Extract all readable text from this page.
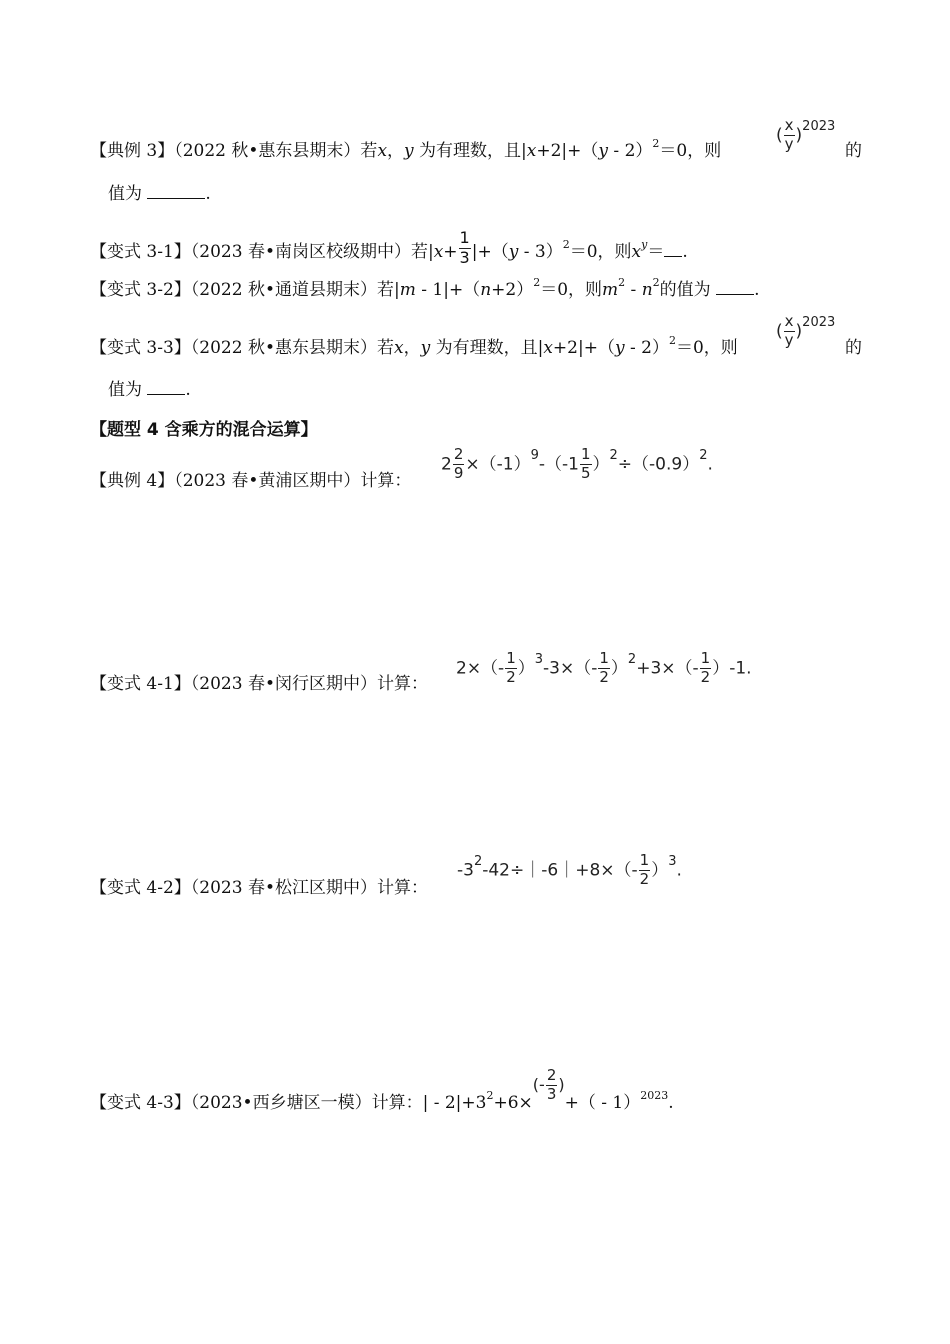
【典例 3】（2022 秋•惠东县期末）若x，y 为有理数，且|x+2|+（y - 2）$^2$＝0，则
( $\frac{x}{y} )^{2023}$
的
值为	.
【变式 3-1】（2023 春•南岗区校级期中）若$|x+ \frac{1}{3} |+(y - 3)^2=0$，则$x^y=$ .
【变式 3-2】（2022 秋•通道县期末）若$|m - 1|+(n+2)^2=0$，则$m^2 - n^2$的值为	.
【变式 3-3】（2022 秋•惠东县期末）若x，y 为有理数，且|x+2|+（y - 2）$^2$＝0，则
( $\frac{x}{y} )^{2023}$
的
值为	.
【题型 4 含乘方的混合运算】
【典例 4】（2023 春•黄浦区期中）计算：
$2 \frac{2}{9} \times(-1)^9-(-1 \frac{1}{5} )^2\div(-0.9)^2$.
【变式 4-1】（2023 春•闵行区期中）计算：
$2\times(- \frac{1}{2} )^3-3\times(- \frac{1}{2} )^2+3\times(- \frac{1}{2} )-1$.
【变式 4-2】（2023 春•松江区期中）计算：
$-3^2-42\div|-6|+8\times(- \frac{1}{2} )^3$.
【变式 4-3】（2023•西乡塘区一模）计算：| - $2|+3^2+6\times(- \frac{2}{3}$ )+（ - 1）$^{2023}$.
